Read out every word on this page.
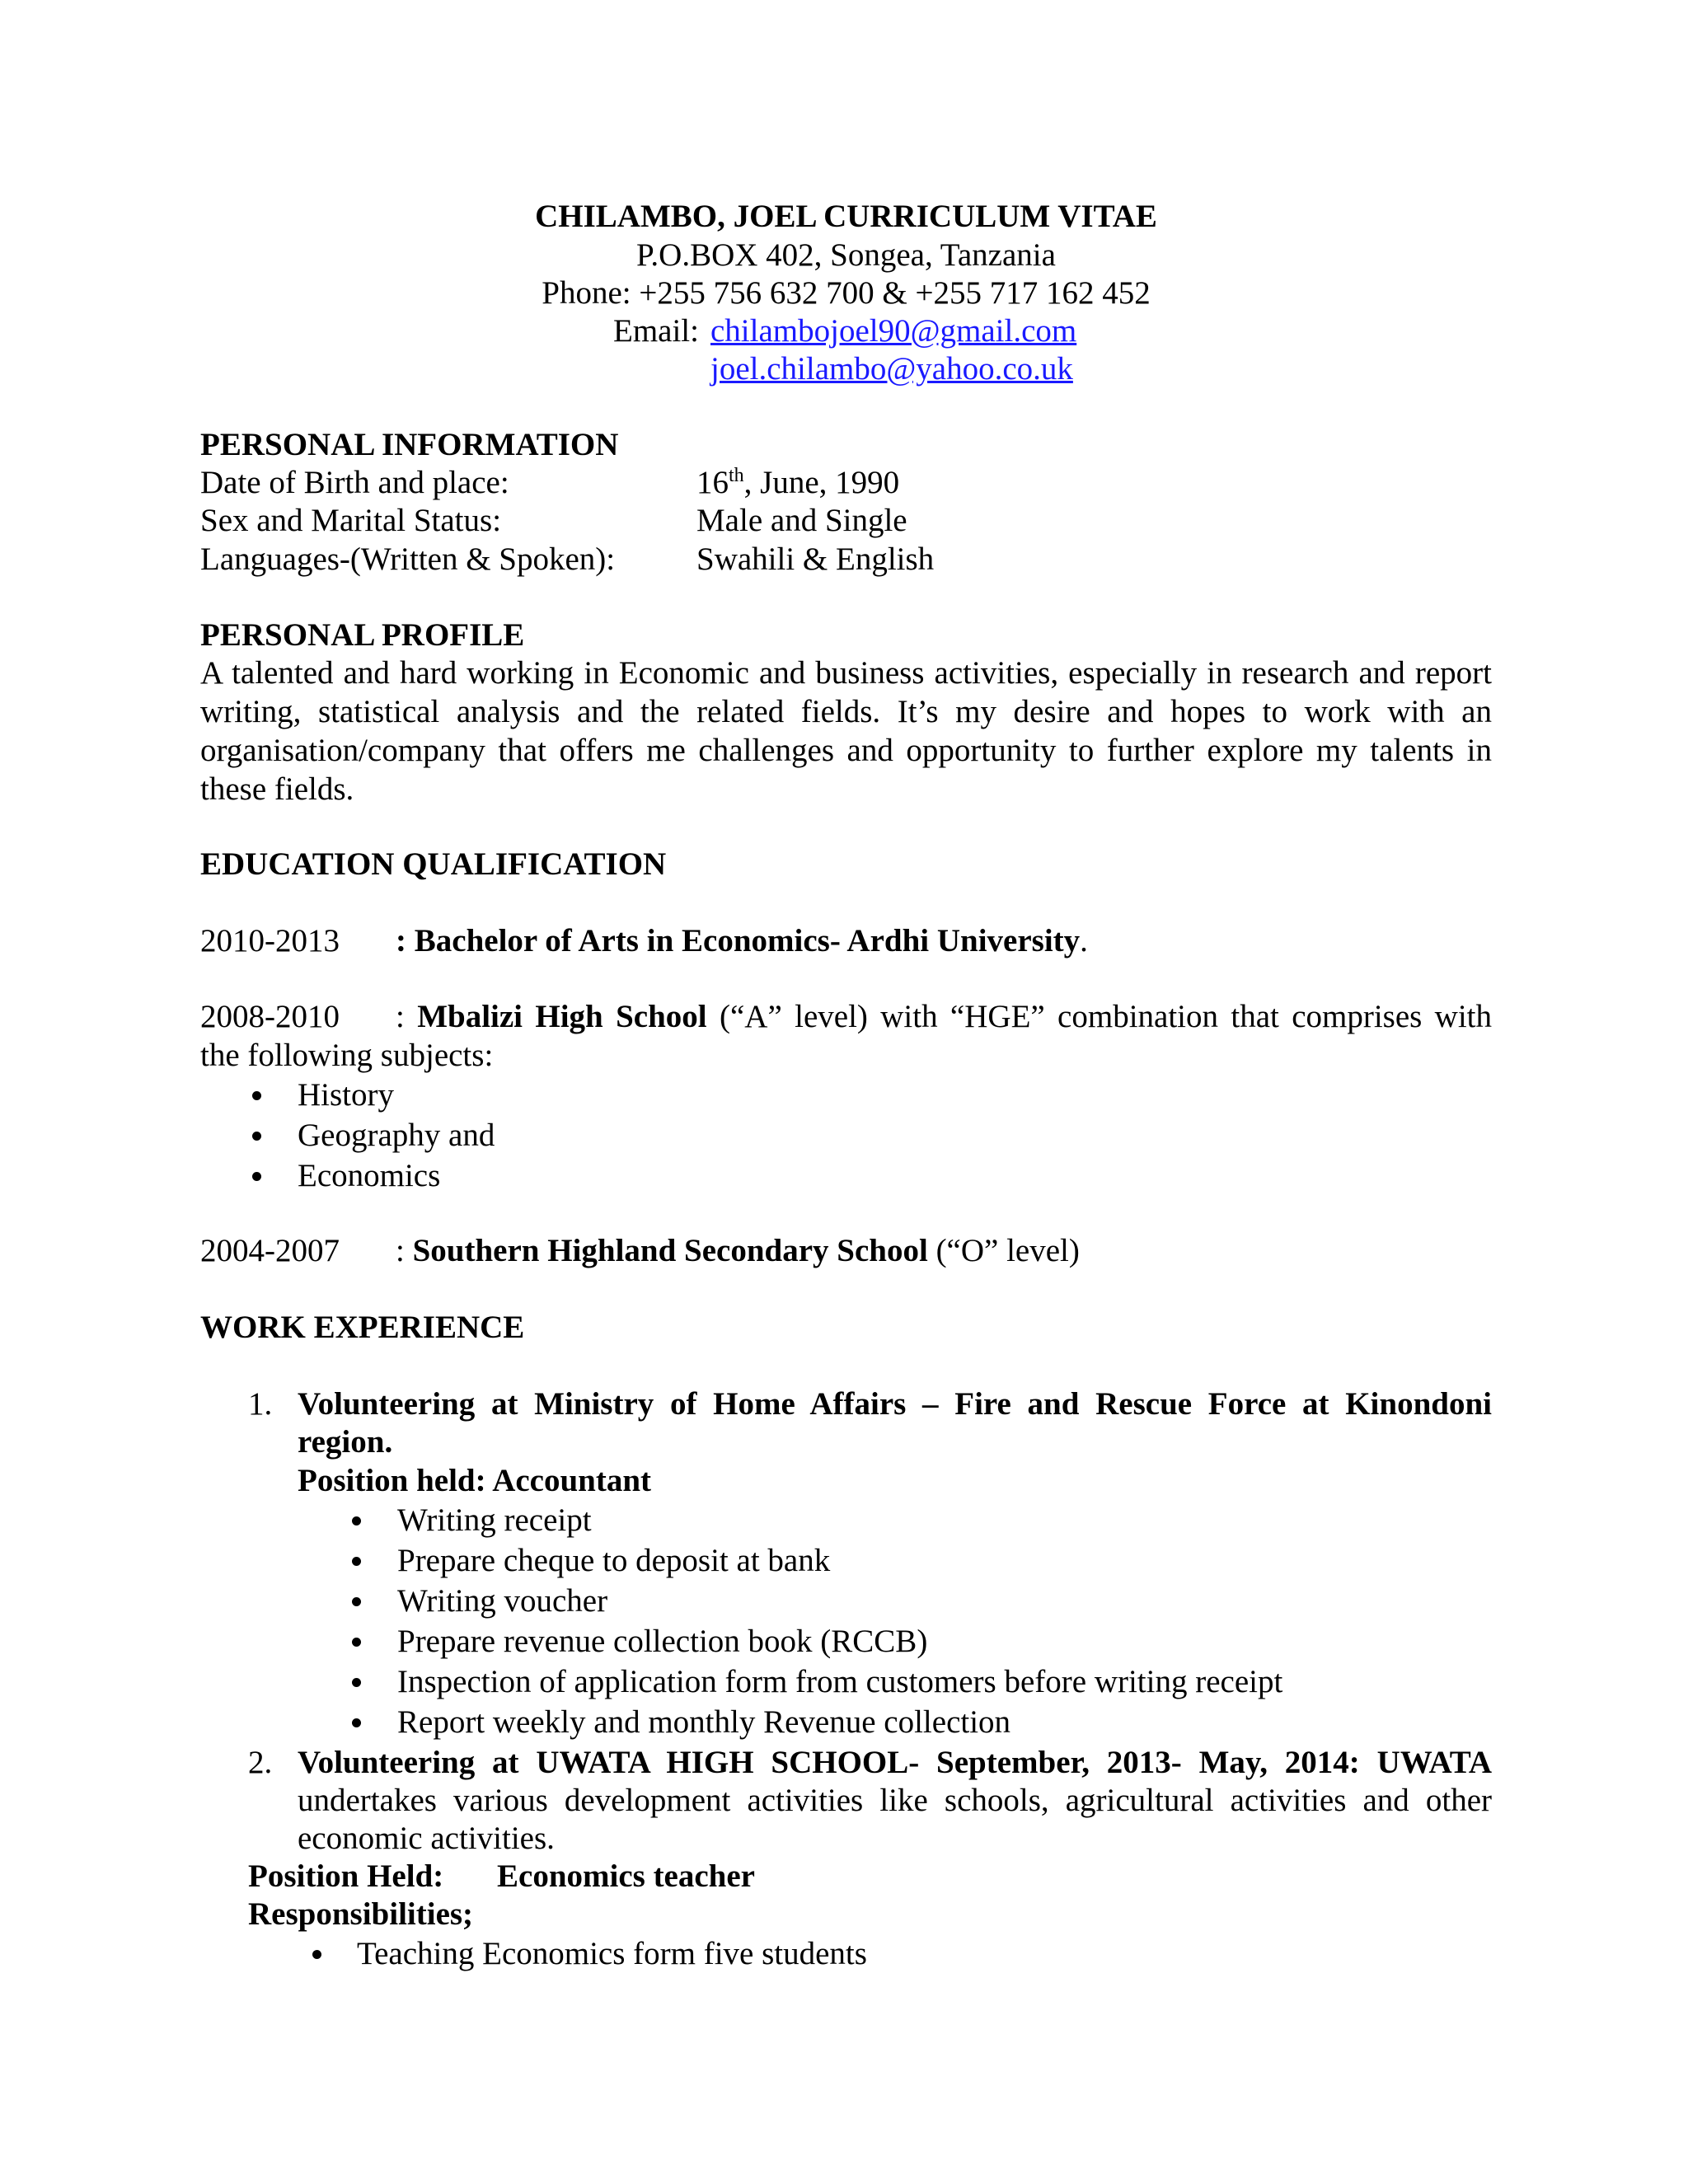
CHILAMBO, JOEL CURRICULUM VITAE
P.O.BOX 402, Songea, Tanzania
Phone: +255 756 632 700 & +255 717 162 452
Email: chilambojoel90@gmail.com
joel.chilambo@yahoo.co.uk
PERSONAL INFORMATION
Date of Birth and place:	16th, June, 1990
Sex and Marital Status:	Male and Single
Languages-(Written & Spoken):	Swahili & English
PERSONAL PROFILE
A talented and hard working in Economic and business activities, especially in research and report writing, statistical analysis and the related fields. It’s my desire and hopes to work with an organisation/company that offers me challenges and opportunity to further explore my talents in these fields.
EDUCATION QUALIFICATION
2010-2013 : Bachelor of Arts in Economics- Ardhi University.
2008-2010 : Mbalizi High School (“A” level) with “HGE” combination that comprises with
the following subjects:
History
Geography and
Economics
2004-2007 : Southern Highland Secondary School (“O” level)
WORK EXPERIENCE
1. Volunteering at Ministry of Home Affairs – Fire and Rescue Force at Kinondoni
region.
Position held: Accountant
Writing receipt
Prepare cheque to deposit at bank
Writing voucher
Prepare revenue collection book (RCCB)
Inspection of application form from customers before writing receipt
Report weekly and monthly Revenue collection
2. Volunteering at UWATA HIGH SCHOOL- September, 2013- May, 2014: UWATA
undertakes various development activities like schools, agricultural activities and other
economic activities.
Position Held: Economics teacher
Responsibilities;
Teaching Economics form five students
